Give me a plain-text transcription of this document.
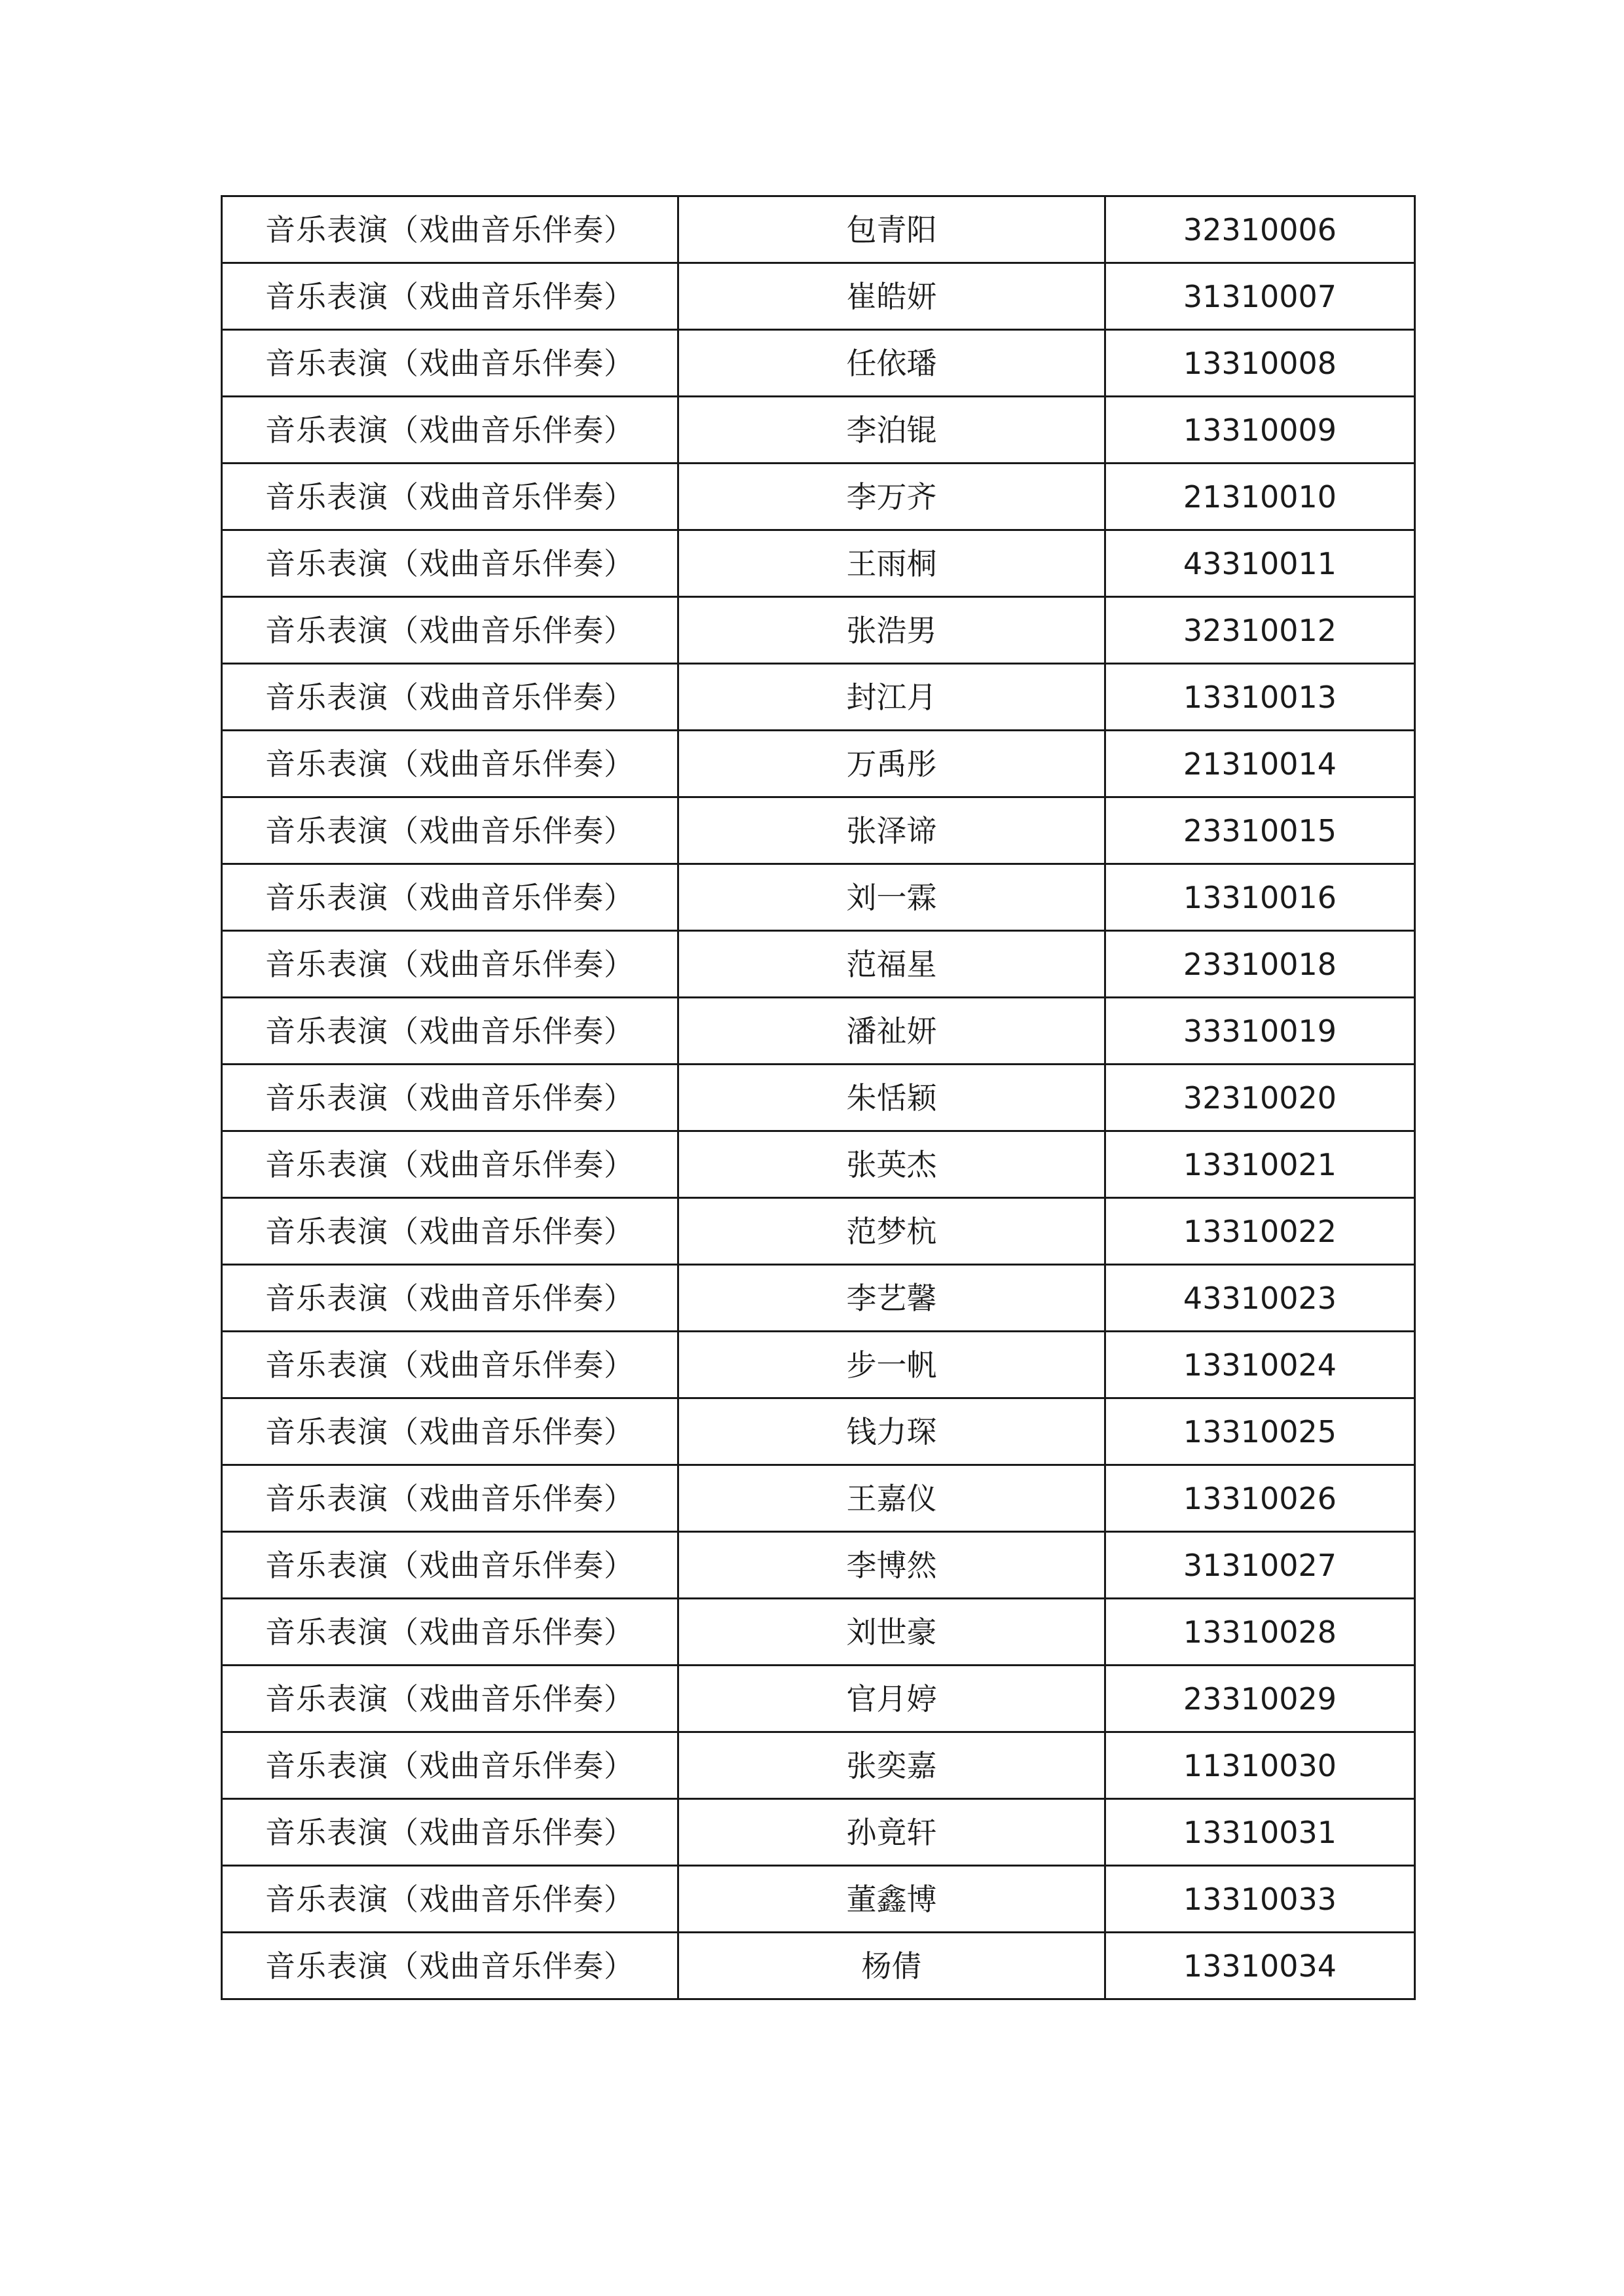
音乐表演（戏曲音乐伴奏）	包青阳	32310006
音乐表演（戏曲音乐伴奏）	崔皓妍	31310007
音乐表演（戏曲音乐伴奏）	任依璠	13310008
音乐表演（戏曲音乐伴奏）	李泊锟	13310009
音乐表演（戏曲音乐伴奏）	李万齐	21310010
音乐表演（戏曲音乐伴奏）	王雨桐	43310011
音乐表演（戏曲音乐伴奏）	张浩男	32310012
音乐表演（戏曲音乐伴奏）	封江月	13310013
音乐表演（戏曲音乐伴奏）	万禹彤	21310014
音乐表演（戏曲音乐伴奏）	张泽谛	23310015
音乐表演（戏曲音乐伴奏）	刘一霖	13310016
音乐表演（戏曲音乐伴奏）	范福星	23310018
音乐表演（戏曲音乐伴奏）	潘祉妍	33310019
音乐表演（戏曲音乐伴奏）	朱恬颖	32310020
音乐表演（戏曲音乐伴奏）	张英杰	13310021
音乐表演（戏曲音乐伴奏）	范梦杭	13310022
音乐表演（戏曲音乐伴奏）	李艺馨	43310023
音乐表演（戏曲音乐伴奏）	步一帆	13310024
音乐表演（戏曲音乐伴奏）	钱力琛	13310025
音乐表演（戏曲音乐伴奏）	王嘉仪	13310026
音乐表演（戏曲音乐伴奏）	李博然	31310027
音乐表演（戏曲音乐伴奏）	刘世豪	13310028
音乐表演（戏曲音乐伴奏）	官月婷	23310029
音乐表演（戏曲音乐伴奏）	张奕嘉	11310030
音乐表演（戏曲音乐伴奏）	孙竟轩	13310031
音乐表演（戏曲音乐伴奏）	董鑫博	13310033
音乐表演（戏曲音乐伴奏）	杨倩	13310034
